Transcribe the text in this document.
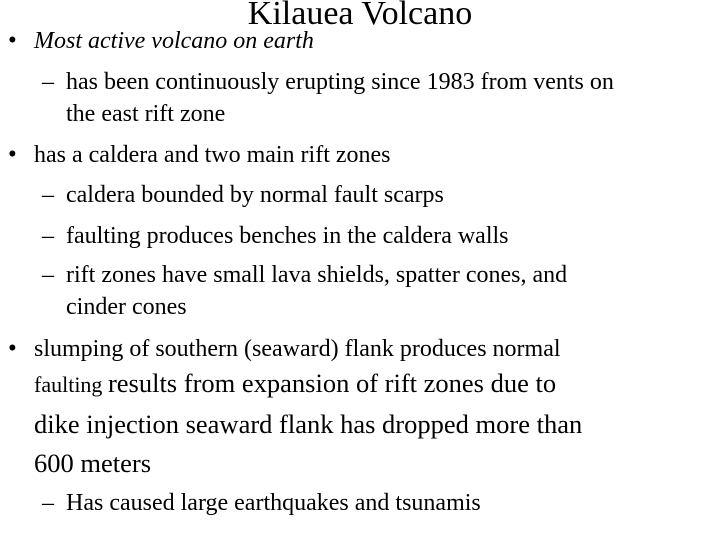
• Most active volcano on earth
Kilauea Volcano
– has been continuously erupting since 1983 from vents on
the east rift zone
• has a caldera and two main rift zones
– caldera bounded by normal fault scarps
– faulting produces benches in the caldera walls
– rift zones have small lava shields, spatter cones, and
cinder cones
• slumping of southern (seaward) flank produces normal
faulting results from expansion of rift zones due to
dike injection seaward flank has dropped more than
600 meters
– Has caused large earthquakes and tsunamis
